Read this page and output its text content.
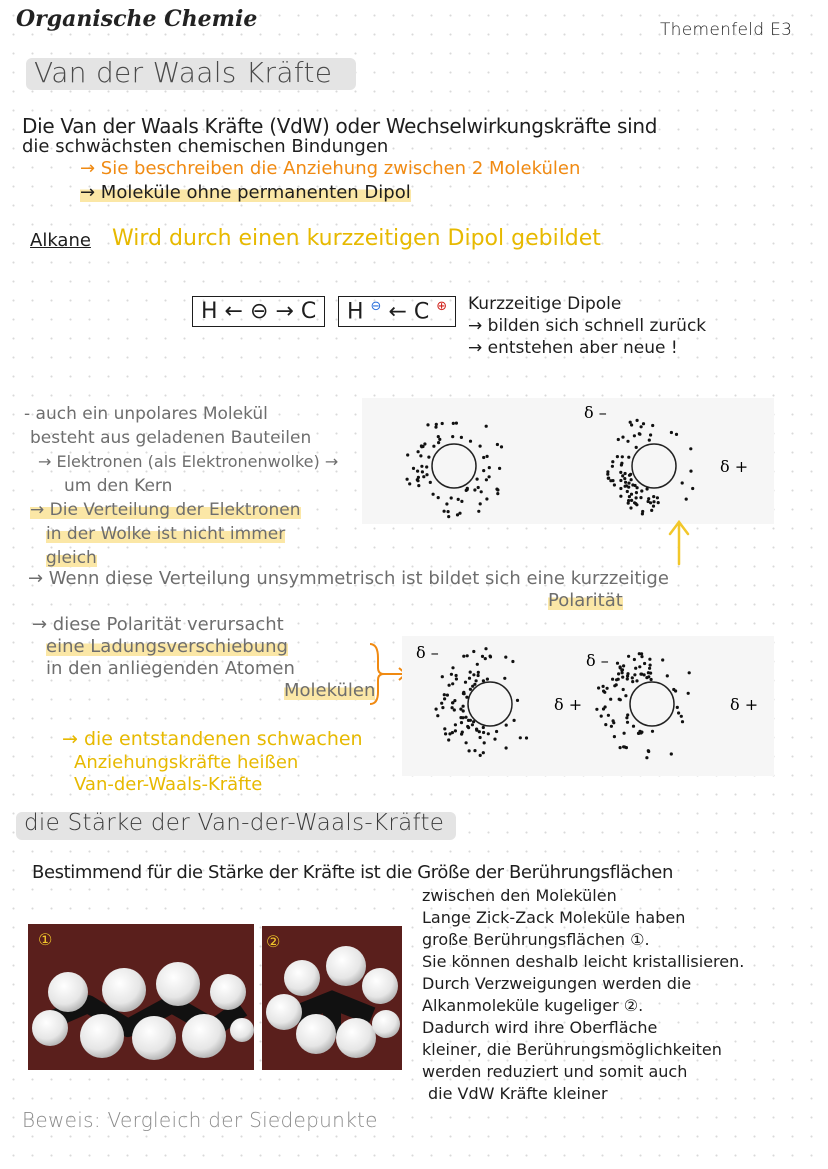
Organische Chemie	Themenfeld E3
Van der Waals Kräfte
Die Van der Waals Kräfte (VdW) oder Wechselwirkungskräfte sind
die schwächsten chemischen Bindungen
→ Sie beschreiben die Anziehung zwischen 2 Molekülen
→ Moleküle ohne permanenten Dipol
Alkane Wird durch einen kurzzeitigen Dipol gebildet
H ← ⊖ → C	H ⊖ ← C ⊕	Kurzzeitige Dipole
→ bilden sich schnell zurück
→ entstehen aber neue !
- auch ein unpolares Molekül
besteht aus geladenen Bauteilen
→ Elektronen (als Elektronenwolke) →
um den Kern
→ Die Verteilung der Elektronen
in der Wolke ist nicht immer
gleich
δ –
δ +
→ Wenn diese Verteilung unsymmetrisch ist bildet sich eine kurzzeitige
Polarität
→ diese Polarität verursacht
eine Ladungsverschiebung
in den anliegenden Atomen
Molekülen
→ die entstandenen schwachen
Anziehungskräfte heißen
Van-der-Waals-Kräfte
δ –	δ –
δ +	δ +
die Stärke der Van-der-Waals-Kräfte
Bestimmend für die Stärke der Kräfte ist die Größe der Berührungsflächen
zwischen den Molekülen
Lange Zick-Zack Moleküle haben
große Berührungsflächen ①.
Sie können deshalb leicht kristallisieren.
Durch Verzweigungen werden die
Alkanmoleküle kugeliger ②.
Dadurch wird ihre Oberfläche
kleiner, die Berührungsmöglichkeiten
werden reduziert und somit auch
die VdW Kräfte kleiner
①	②
Beweis: Vergleich der Siedepunkte
